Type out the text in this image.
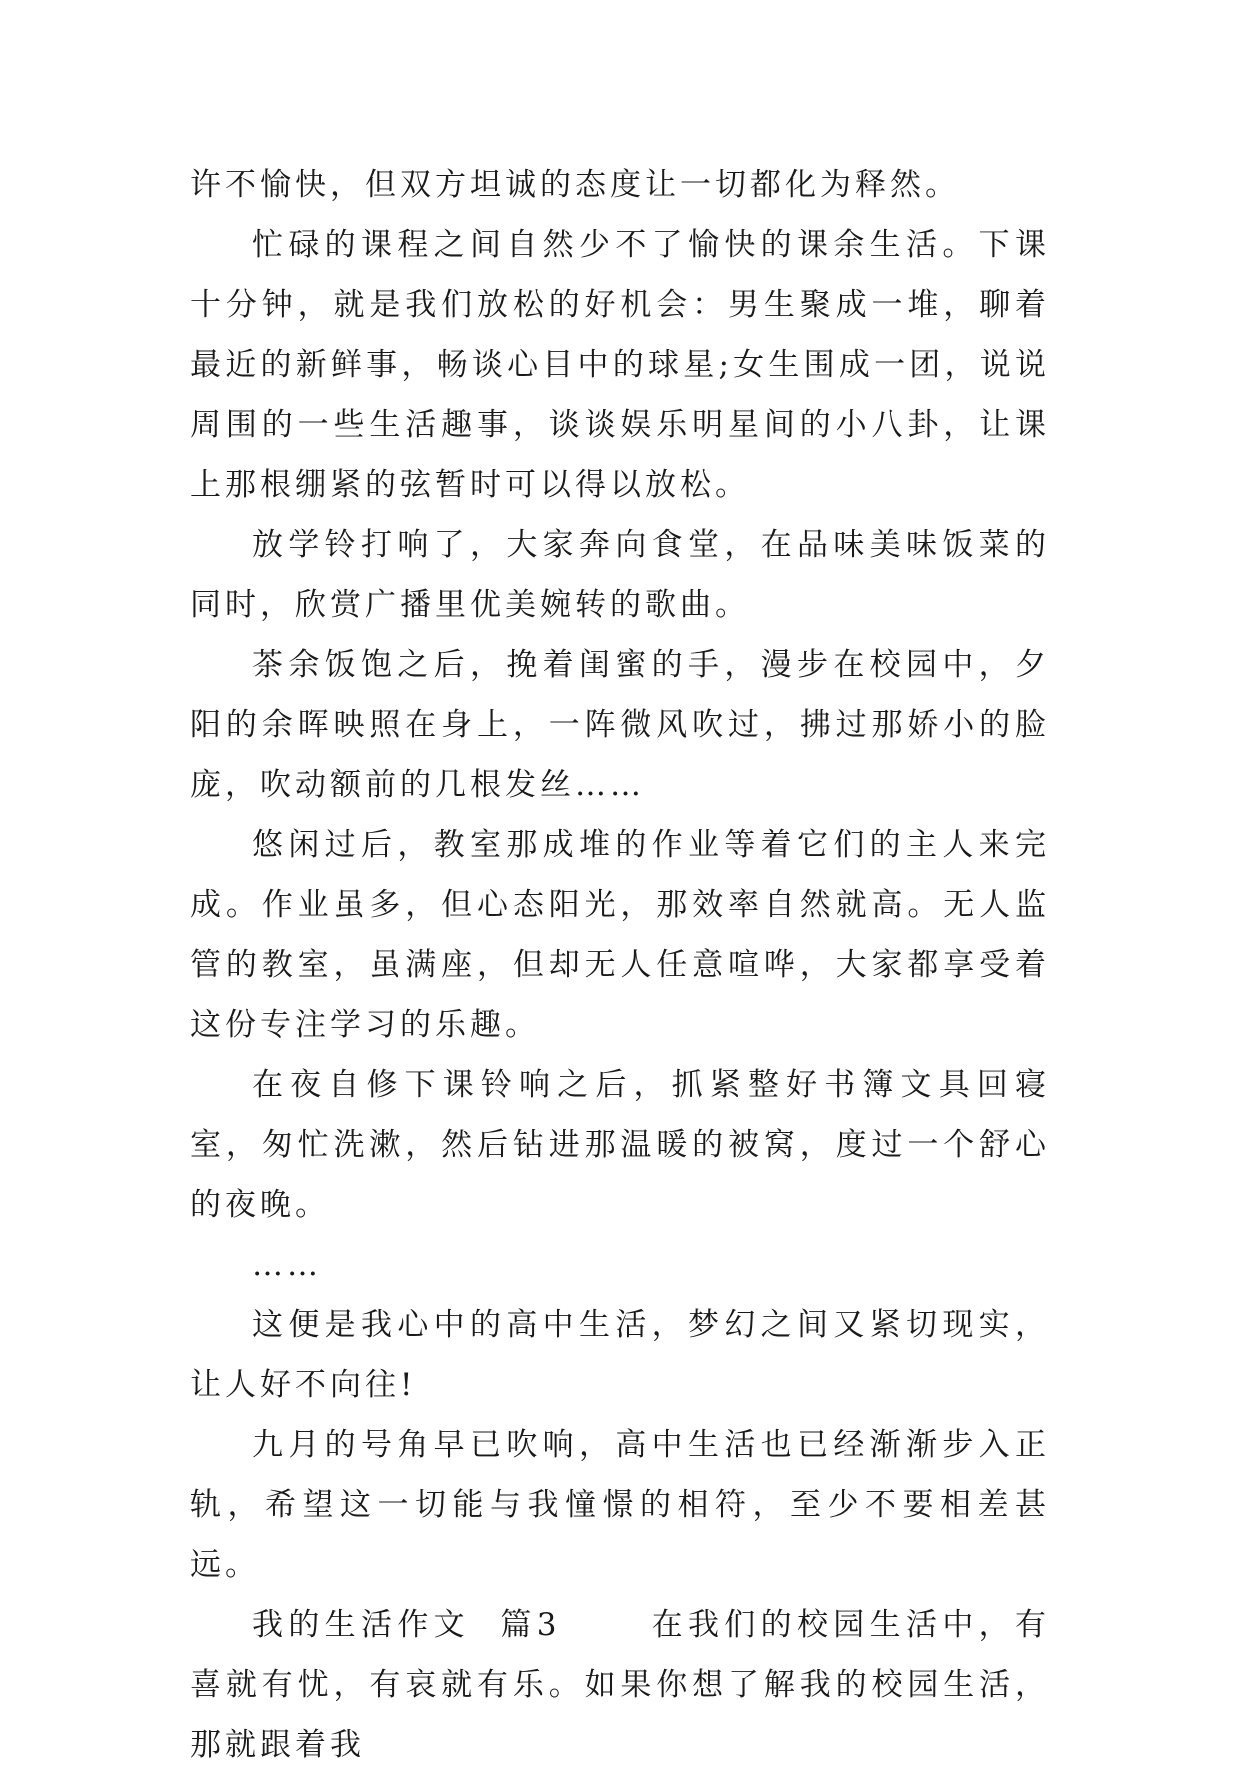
许不愉快，但双方坦诚的态度让一切都化为释然。

忙碌的课程之间自然少不了愉快的课余生活。下课十分钟，就是我们放松的好机会：男生聚成一堆，聊着最近的新鲜事，畅谈心目中的球星;女生围成一团，说说周围的一些生活趣事，谈谈娱乐明星间的小八卦，让课上那根绷紧的弦暂时可以得以放松。

放学铃打响了，大家奔向食堂，在品味美味饭菜的同时，欣赏广播里优美婉转的歌曲。

茶余饭饱之后，挽着闺蜜的手，漫步在校园中，夕阳的余晖映照在身上，一阵微风吹过，拂过那娇小的脸庞，吹动额前的几根发丝……

悠闲过后，教室那成堆的作业等着它们的主人来完成。作业虽多，但心态阳光，那效率自然就高。无人监管的教室，虽满座，但却无人任意喧哗，大家都享受着这份专注学习的乐趣。

在夜自修下课铃响之后，抓紧整好书簿文具回寝室，匆忙洗漱，然后钻进那温暖的被窝，度过一个舒心的夜晚。

……

这便是我心中的高中生活，梦幻之间又紧切现实，让人好不向往!

九月的号角早已吹响，高中生活也已经渐渐步入正轨，希望这一切能与我憧憬的相符，至少不要相差甚远。

我的生活作文  篇3      在我们的校园生活中，有喜就有忧，有哀就有乐。如果你想了解我的校园生活，那就跟着我
